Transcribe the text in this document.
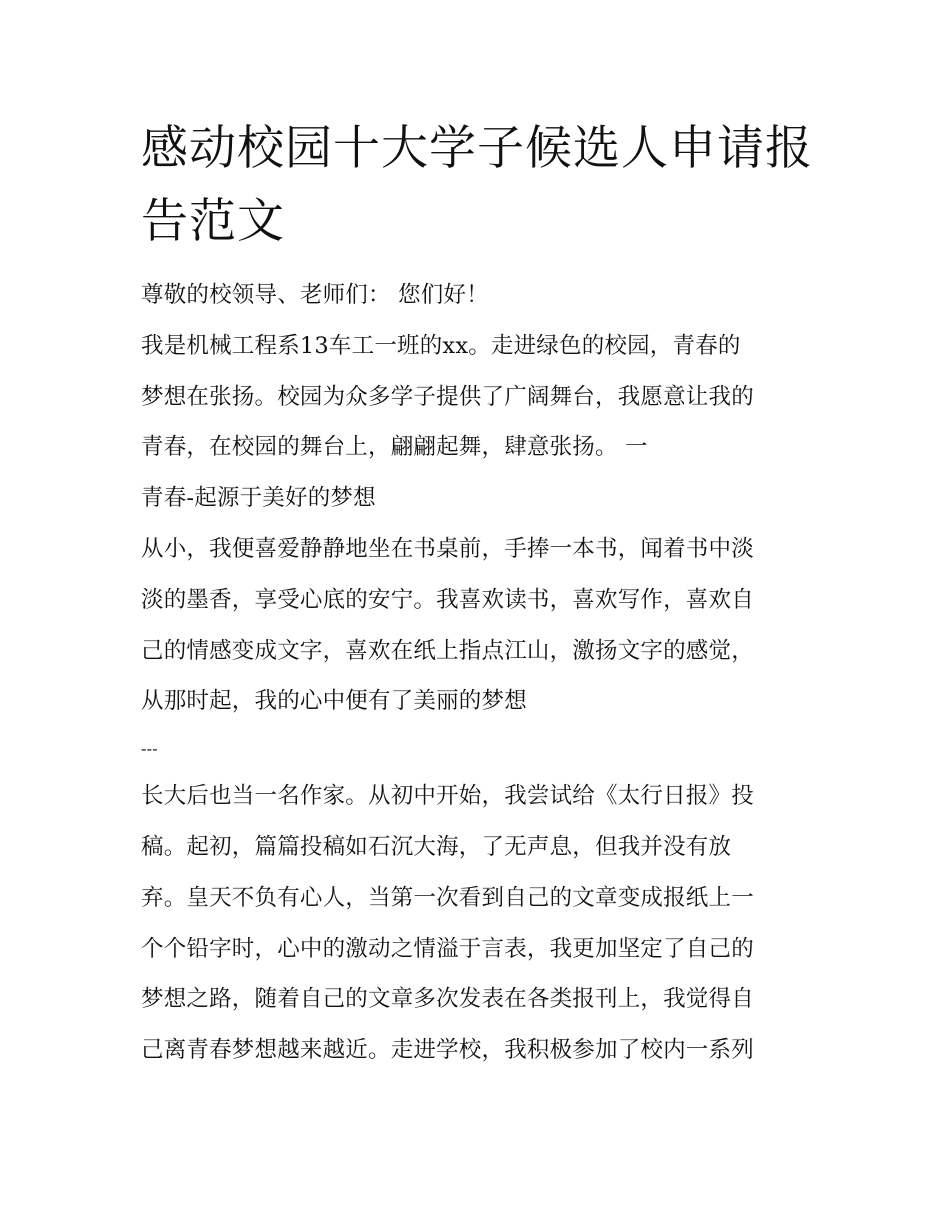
感动校园十大学子候选人申请报告范文
尊敬的校领导、老师们： 您们好！
我是机械工程系13车工一班的xx。走进绿色的校园，青春的
梦想在张扬。校园为众多学子提供了广阔舞台，我愿意让我的
青春，在校园的舞台上，翩翩起舞，肆意张扬。 一
青春-起源于美好的梦想
从小，我便喜爱静静地坐在书桌前，手捧一本书，闻着书中淡
淡的墨香，享受心底的安宁。我喜欢读书，喜欢写作，喜欢自
己的情感变成文字，喜欢在纸上指点江山，激扬文字的感觉，
从那时起，我的心中便有了美丽的梦想
---
长大后也当一名作家。从初中开始，我尝试给《太行日报》投
稿。起初，篇篇投稿如石沉大海，了无声息，但我并没有放
弃。皇天不负有心人，当第一次看到自己的文章变成报纸上一
个个铅字时，心中的激动之情溢于言表，我更加坚定了自己的
梦想之路，随着自己的文章多次发表在各类报刊上，我觉得自
己离青春梦想越来越近。走进学校，我积极参加了校内一系列
